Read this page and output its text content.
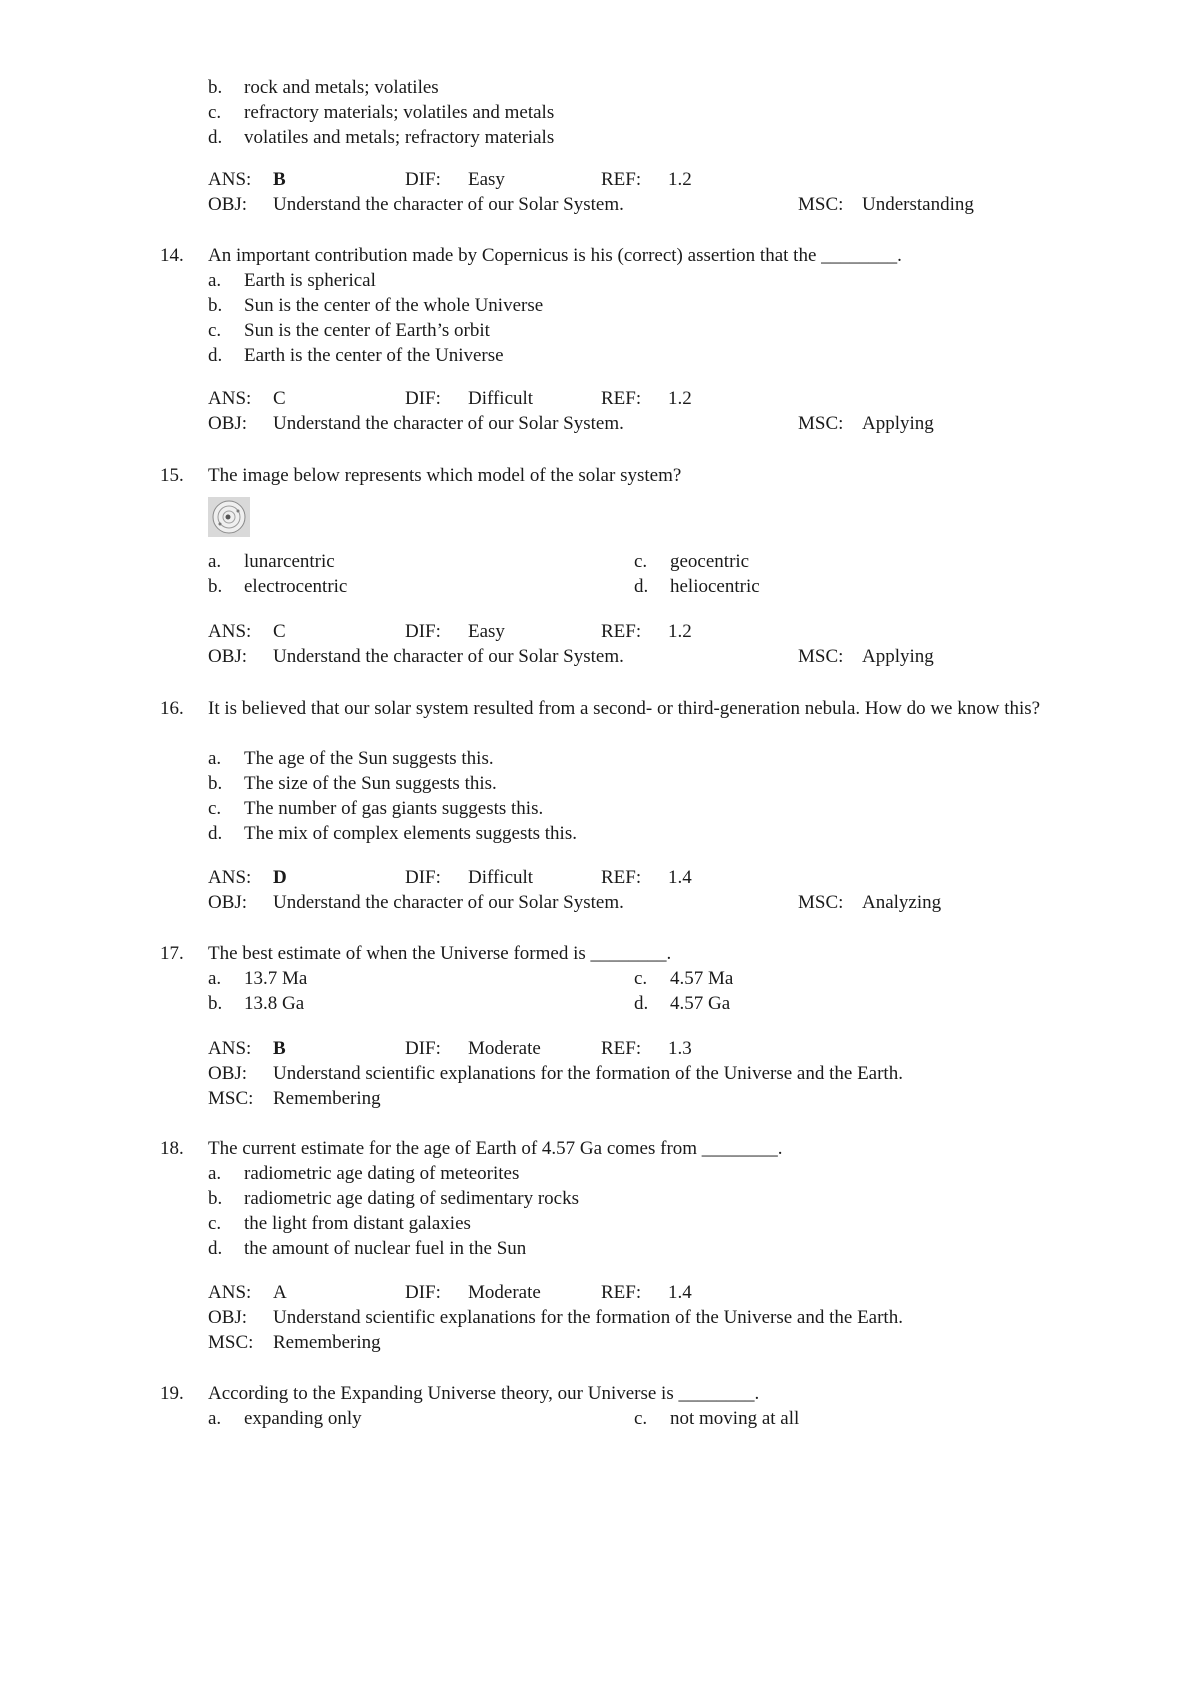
b. rock and metals; volatiles
c. refractory materials; volatiles and metals
d. volatiles and metals; refractory materials
ANS: B	DIF: Easy	REF: 1.2
OBJ: Understand the character of our Solar System.	MSC: Understanding
14.	An important contribution made by Copernicus is his (correct) assertion that the ________.
a. Earth is spherical
b. Sun is the center of the whole Universe
c. Sun is the center of Earth’s orbit
d. Earth is the center of the Universe
ANS: C	DIF: Difficult	REF: 1.2
OBJ: Understand the character of our Solar System.	MSC: Applying
15.	The image below represents which model of the solar system?
a. lunarcentric	c. geocentric
b. electrocentric	d. heliocentric
ANS: C	DIF: Easy	REF: 1.2
OBJ: Understand the character of our Solar System.	MSC: Applying
16.	It is believed that our solar system resulted from a second- or third-generation nebula. How do we know this?
a. The age of the Sun suggests this.
b. The size of the Sun suggests this.
c. The number of gas giants suggests this.
d. The mix of complex elements suggests this.
ANS: D	DIF: Difficult	REF: 1.4
OBJ: Understand the character of our Solar System.	MSC: Analyzing
17.	The best estimate of when the Universe formed is ________.
a. 13.7 Ma	c. 4.57 Ma
b. 13.8 Ga	d. 4.57 Ga
ANS: B	DIF: Moderate	REF: 1.3
OBJ: Understand scientific explanations for the formation of the Universe and the Earth.
MSC: Remembering
18.	The current estimate for the age of Earth of 4.57 Ga comes from ________.
a. radiometric age dating of meteorites
b. radiometric age dating of sedimentary rocks
c. the light from distant galaxies
d. the amount of nuclear fuel in the Sun
ANS: A	DIF: Moderate	REF: 1.4
OBJ: Understand scientific explanations for the formation of the Universe and the Earth.
MSC: Remembering
19.	According to the Expanding Universe theory, our Universe is ________.
a. expanding only	c. not moving at all
